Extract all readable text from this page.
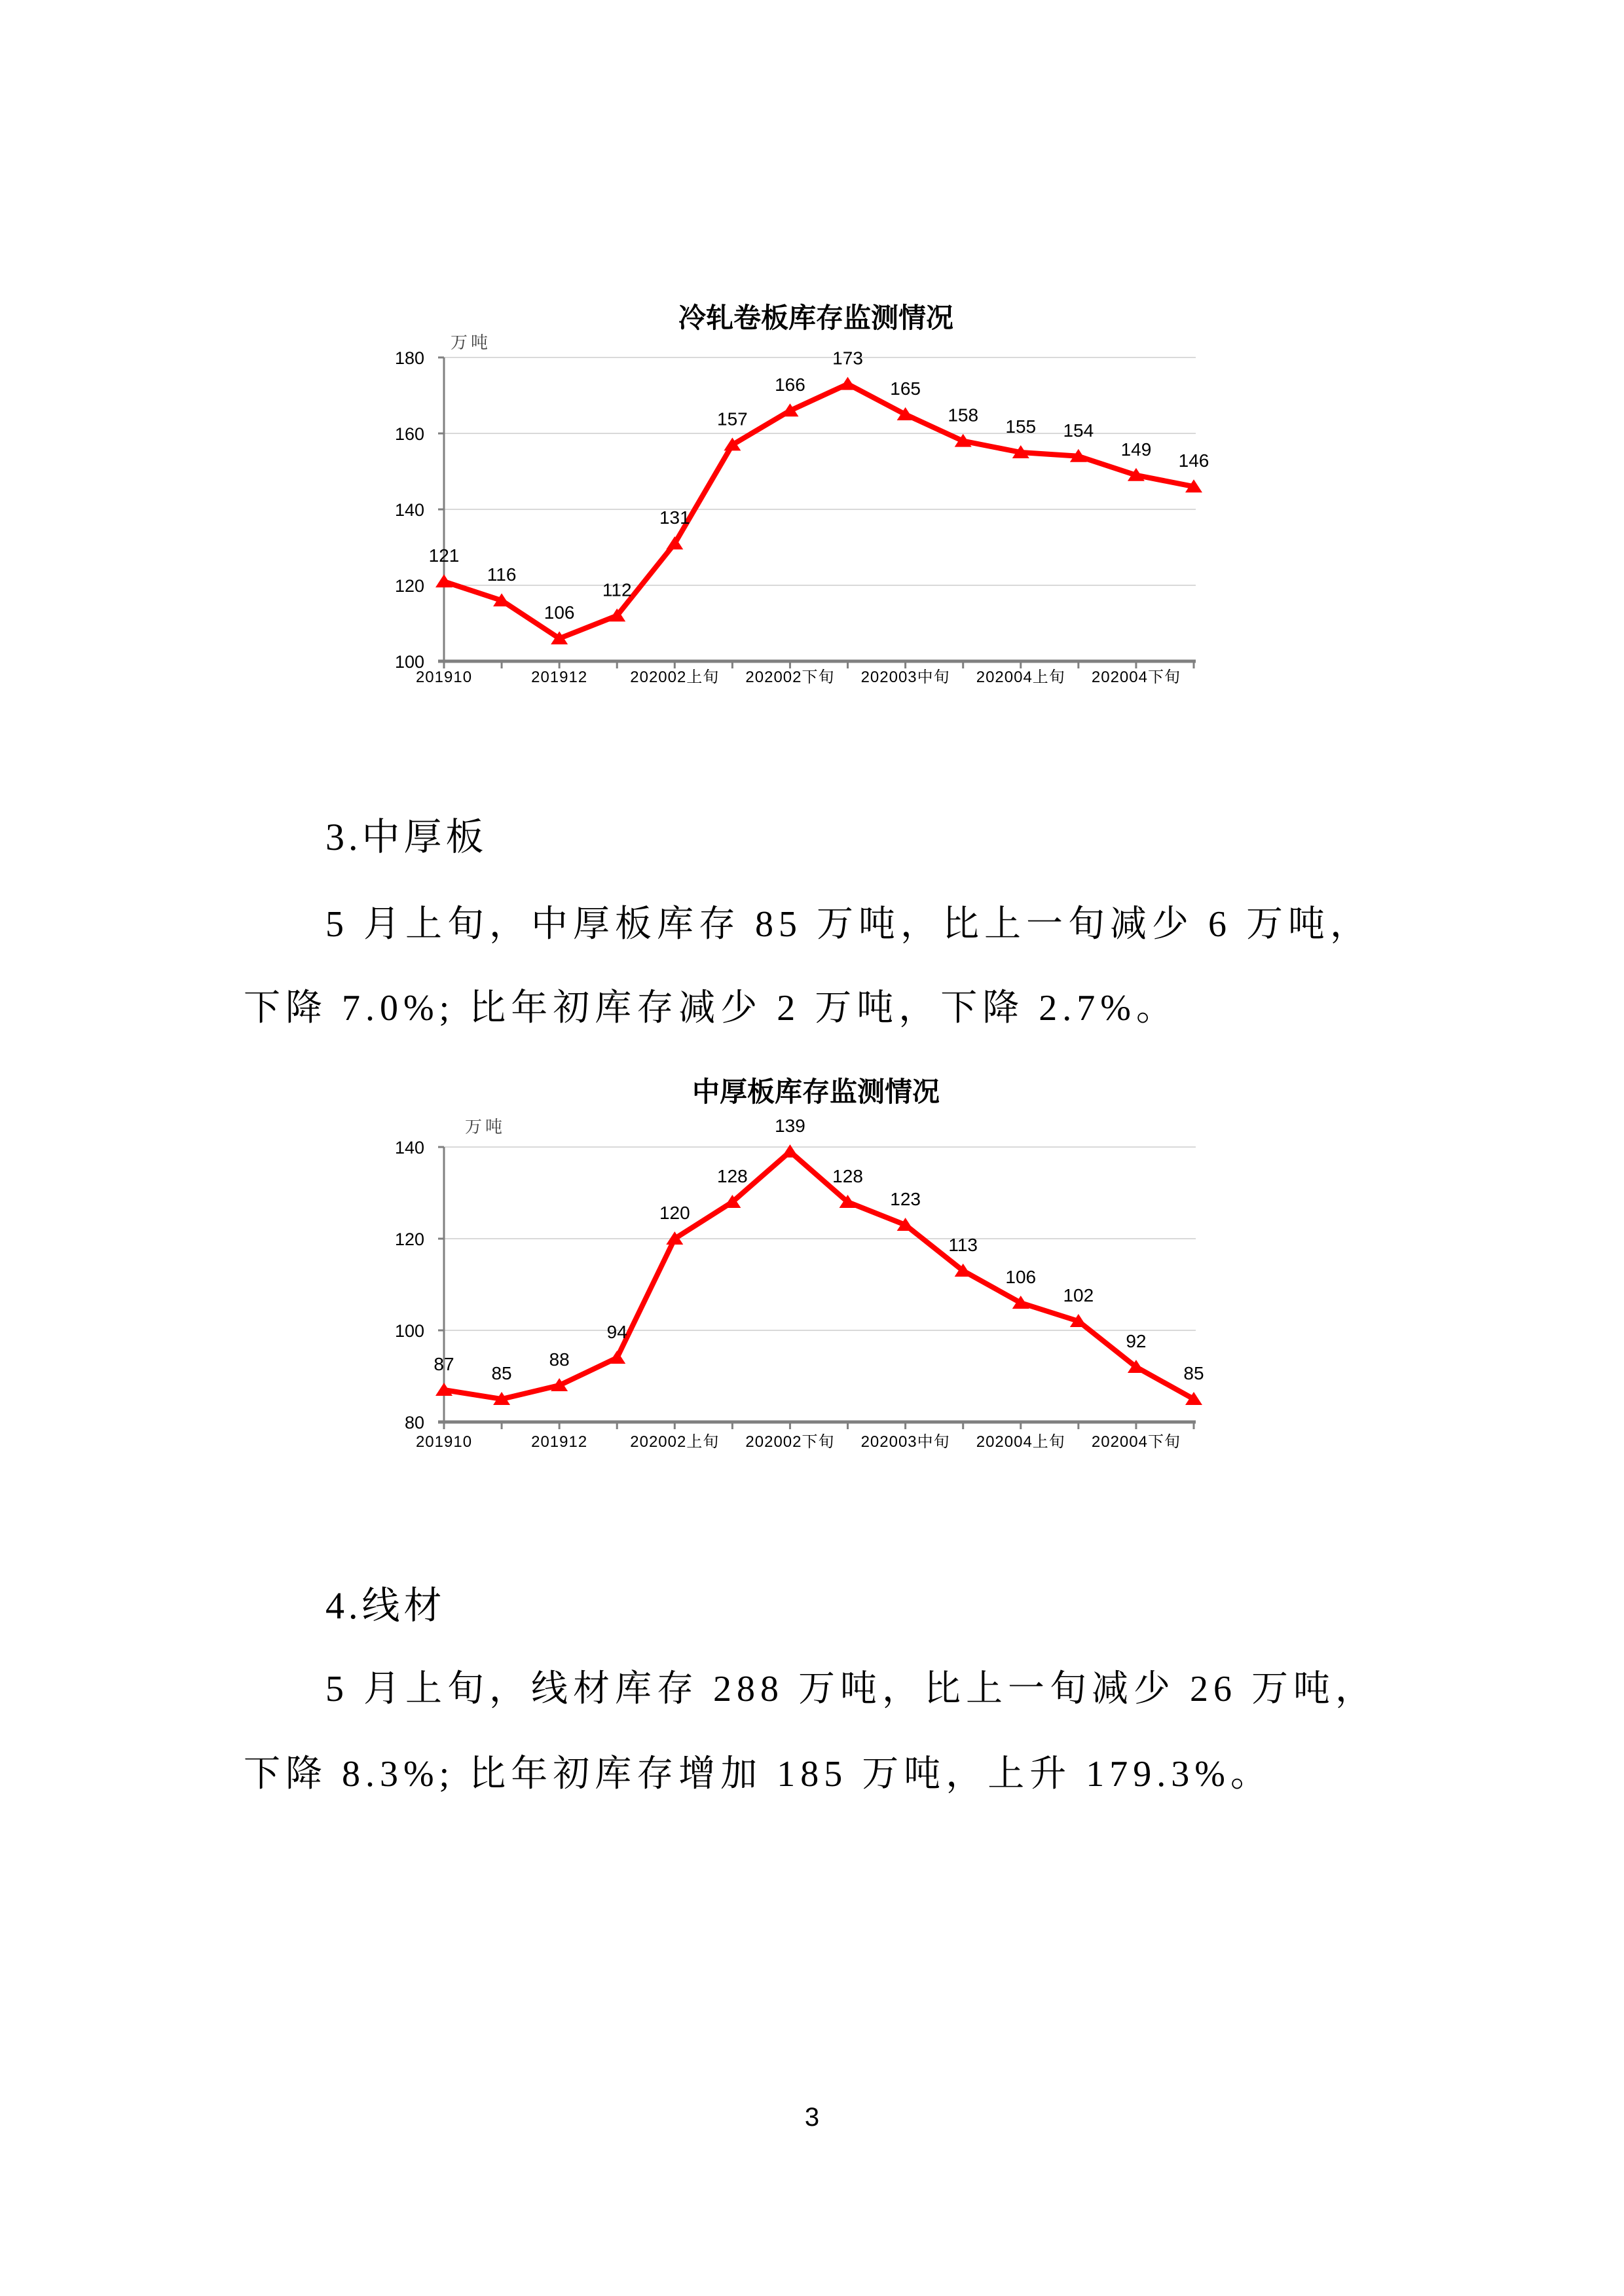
冷轧卷板库存监测情况
万吨
100
120
140
160
180
201910	201912	202002上旬 202002下旬 202003中旬 202004上旬 202004下旬
121
116
106
112
131
157
166
173
165
158
155 154
149
146
3.中厚板
5 月上旬，中厚板库存 85 万吨，比上一旬减少 6 万吨，
下降 7.0%; 比年初库存减少 2 万吨，下降 2.7%。
中厚板库存监测情况
万吨
80
100
120
140
201910	201912	202002上旬 202002下旬 202003中旬 202004上旬 202004下旬
87 85
88
94
120
128
139
128
123
113
106
102
92
85
4.线材
5 月上旬，线材库存 288 万吨，比上一旬减少 26 万吨，
下降 8.3%; 比年初库存增加 185 万吨，上升 179.3%。
3
